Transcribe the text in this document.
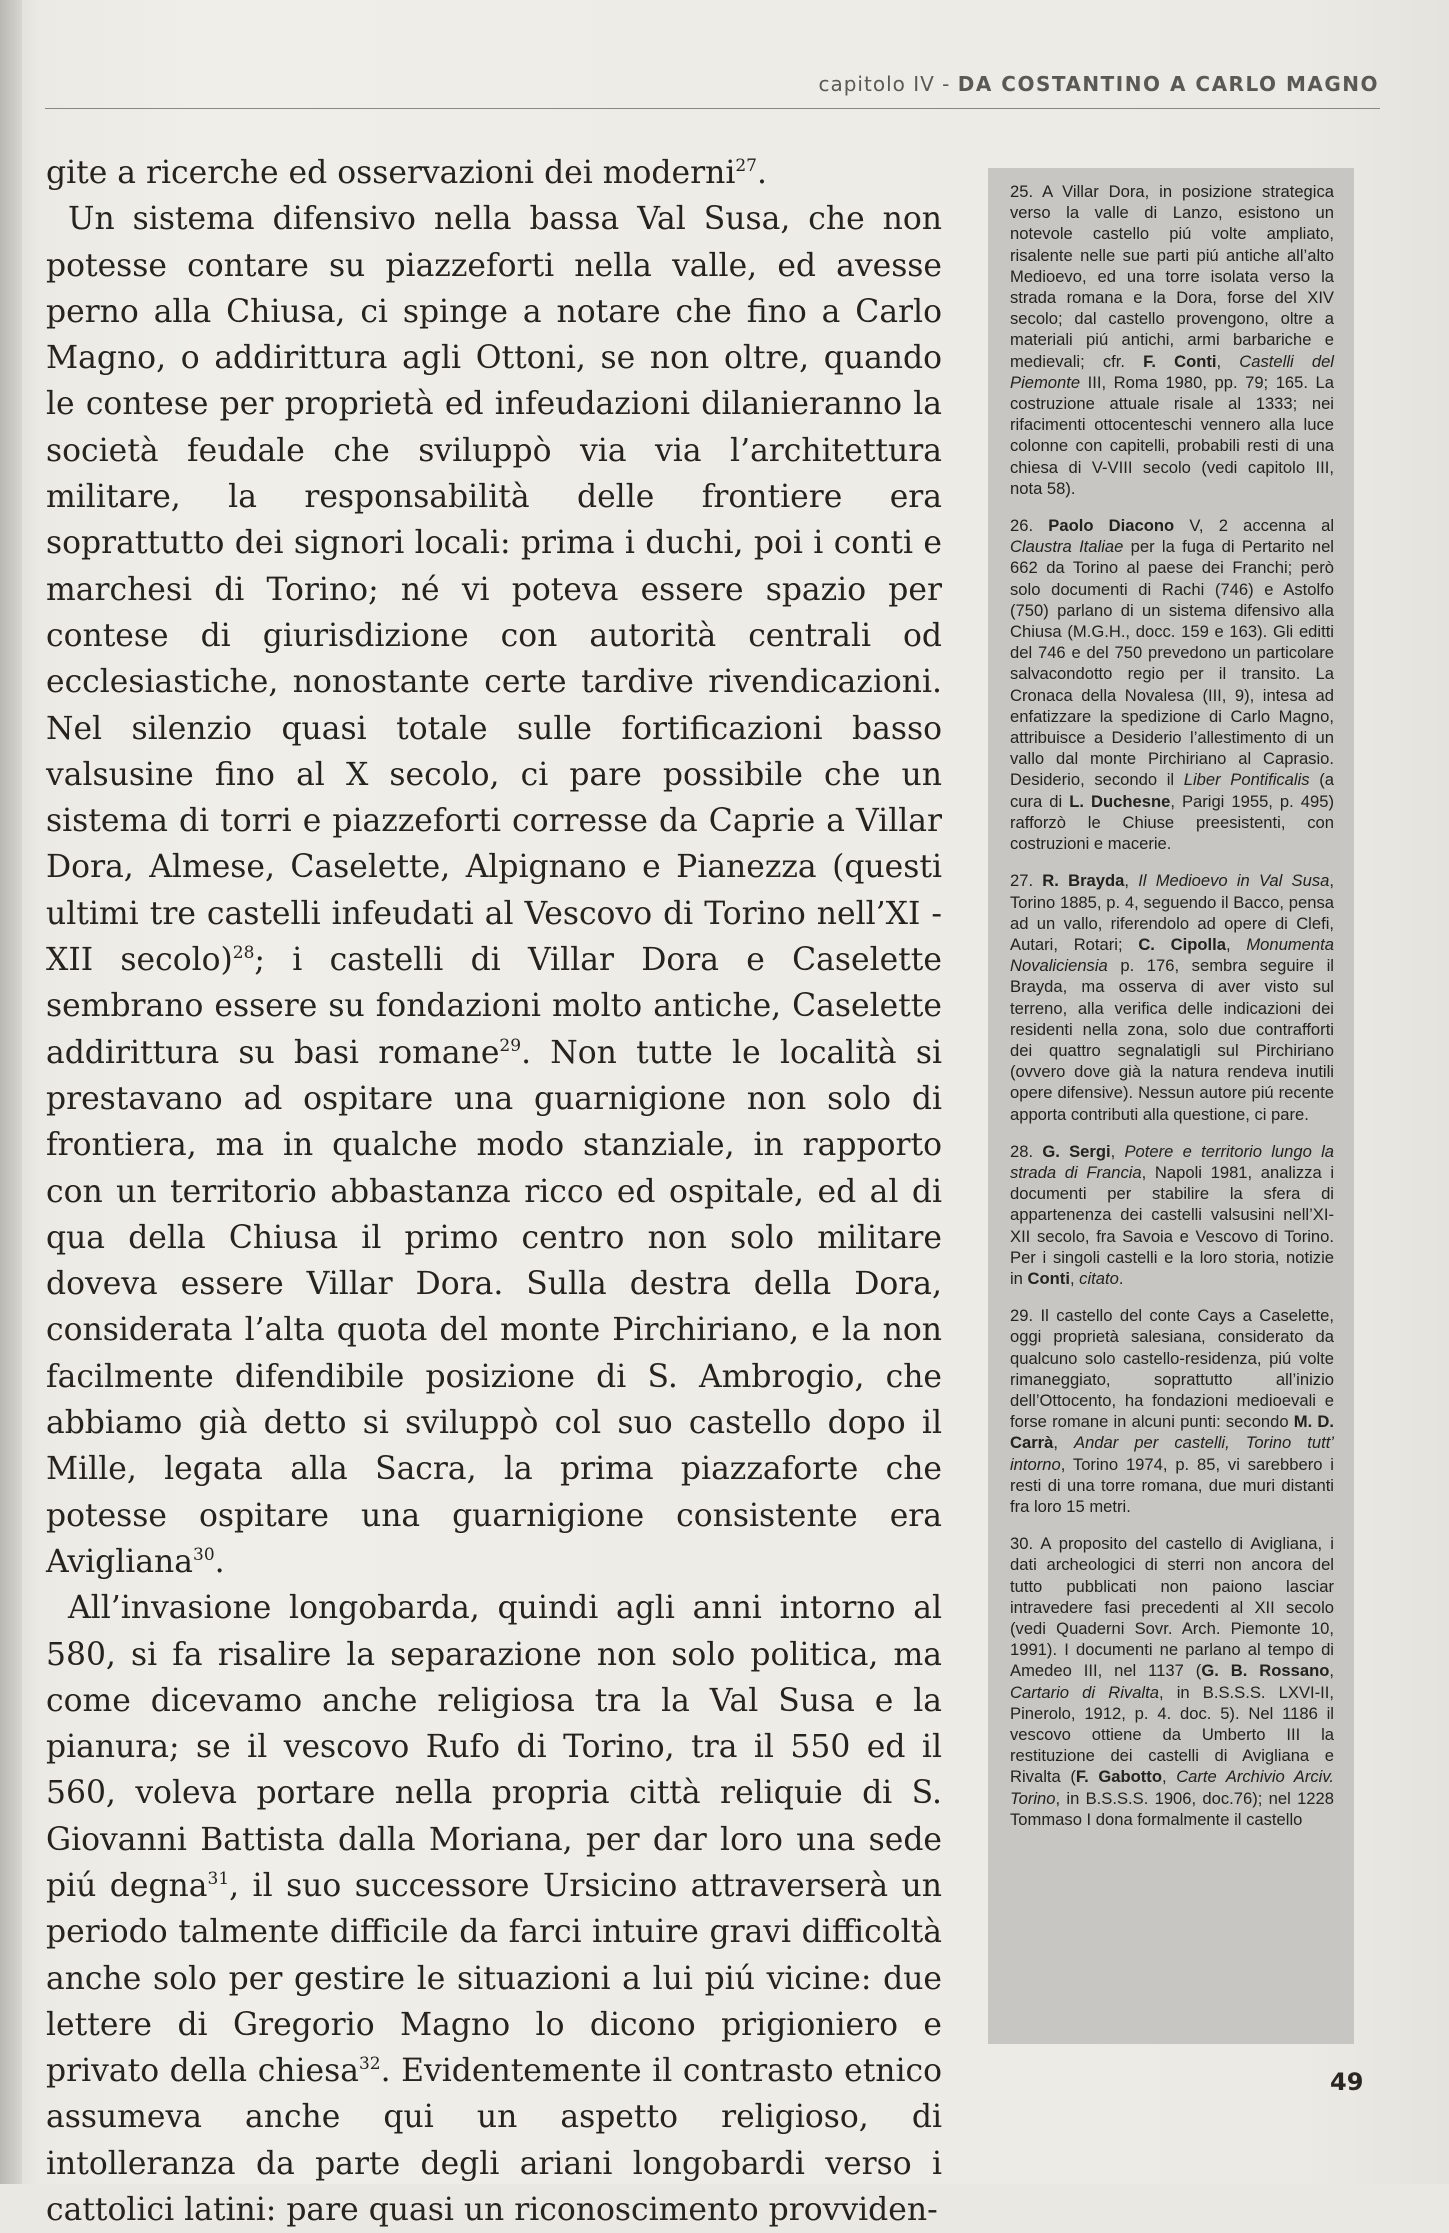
capitolo IV - DA COSTANTINO A CARLO MAGNO

gite a ricerche ed osservazioni dei moderni$^{27}$.

Un sistema difensivo nella bassa Val Susa, che non potesse contare su piazzeforti nella valle, ed avesse perno alla Chiusa, ci spinge a notare che fino a Carlo Magno, o addirittura agli Ottoni, se non oltre, quando le contese per proprietà ed infeudazioni dilanieranno la società feudale che sviluppò via via l’architettura militare, la responsabilità delle frontiere era soprattutto dei signori locali: prima i duchi, poi i conti e marchesi di Torino; né vi poteva essere spazio per contese di giurisdizione con autorità centrali od ecclesiastiche, nonostante certe tardive rivendicazioni. Nel silenzio quasi totale sulle fortificazioni basso valsusine fino al X secolo, ci pare possibile che un sistema di torri e piazzeforti corresse da Caprie a Villar Dora, Almese, Caselette, Alpignano e Pianezza (questi ultimi tre castelli infeudati al Vescovo di Torino nell’XI - XII secolo)$^{28}$; i castelli di Villar Dora e Caselette sembrano essere su fondazioni molto antiche, Caselette addirittura su basi romane$^{29}$. Non tutte le località si prestavano ad ospitare una guarnigione non solo di frontiera, ma in qualche modo stanziale, in rapporto con un territorio abbastanza ricco ed ospitale, ed al di qua della Chiusa il primo centro non solo militare doveva essere Villar Dora. Sulla destra della Dora, considerata l’alta quota del monte Pirchiriano, e la non facilmente difendibile posizione di S. Ambrogio, che abbiamo già detto si sviluppò col suo castello dopo il Mille, legata alla Sacra, la prima piazzaforte che potesse ospitare una guarnigione consistente era Avigliana$^{30}$.

All’invasione longobarda, quindi agli anni intorno al 580, si fa risalire la separazione non solo politica, ma come dicevamo anche religiosa tra la Val Susa e la pianura; se il vescovo Rufo di Torino, tra il 550 ed il 560, voleva portare nella propria città reliquie di S. Giovanni Battista dalla Moriana, per dar loro una sede piú degna$^{31}$, il suo successore Ursicino attraverserà un periodo talmente difficile da farci intuire gravi difficoltà anche solo per gestire le situazioni a lui piú vicine: due lettere di Gregorio Magno lo dicono prigioniero e privato della chiesa$^{32}$. Evidentemente il contrasto etnico assumeva anche qui un aspetto religioso, di intolleranza da parte degli ariani longobardi verso i cattolici latini: pare quasi un riconoscimento provviden-

25. A Villar Dora, in posizione strategica verso la valle di Lanzo, esistono un notevole castello piú volte ampliato, risalente nelle sue parti piú antiche all’alto Medioevo, ed una torre isolata verso la strada romana e la Dora, forse del XIV secolo; dal castello provengono, oltre a materiali piú antichi, armi barbariche e medievali; cfr. F. Conti, Castelli del Piemonte III, Roma 1980, pp. 79; 165. La costruzione attuale risale al 1333; nei rifacimenti ottocenteschi vennero alla luce colonne con capitelli, probabili resti di una chiesa di V-VIII secolo (vedi capitolo III, nota 58).

26. Paolo Diacono V, 2 accenna al Claustra Italiae per la fuga di Pertarito nel 662 da Torino al paese dei Franchi; però solo documenti di Rachi (746) e Astolfo (750) parlano di un sistema difensivo alla Chiusa (M.G.H., docc. 159 e 163). Gli editti del 746 e del 750 prevedono un particolare salvacondotto regio per il transito. La Cronaca della Novalesa (III, 9), intesa ad enfatizzare la spedizione di Carlo Magno, attribuisce a Desiderio l’allestimento di un vallo dal monte Pirchiriano al Caprasio. Desiderio, secondo il Liber Pontificalis (a cura di L. Duchesne, Parigi 1955, p. 495) rafforzò le Chiuse preesistenti, con costruzioni e macerie.

27. R. Brayda, Il Medioevo in Val Susa, Torino 1885, p. 4, seguendo il Bacco, pensa ad un vallo, riferendolo ad opere di Clefi, Autari, Rotari; C. Cipolla, Monumenta Novaliciensia p. 176, sembra seguire il Brayda, ma osserva di aver visto sul terreno, alla verifica delle indicazioni dei residenti nella zona, solo due contrafforti dei quattro segnalatigli sul Pirchiriano (ovvero dove già la natura rendeva inutili opere difensive). Nessun autore piú recente apporta contributi alla questione, ci pare.

28. G. Sergi, Potere e territorio lungo la strada di Francia, Napoli 1981, analizza i documenti per stabilire la sfera di appartenenza dei castelli valsusini nell’XI-XII secolo, fra Savoia e Vescovo di Torino. Per i singoli castelli e la loro storia, notizie in Conti, citato.

29. Il castello del conte Cays a Caselette, oggi proprietà salesiana, considerato da qualcuno solo castello-residenza, piú volte rimaneggiato, soprattutto all’inizio dell’Ottocento, ha fondazioni medioevali e forse romane in alcuni punti: secondo M. D. Carrà, Andar per castelli, Torino tutt’ intorno, Torino 1974, p. 85, vi sarebbero i resti di una torre romana, due muri distanti fra loro 15 metri.

30. A proposito del castello di Avigliana, i dati archeologici di sterri non ancora del tutto pubblicati non paiono lasciar intravedere fasi precedenti al XII secolo (vedi Quaderni Sovr. Arch. Piemonte 10, 1991). I documenti ne parlano al tempo di Amedeo III, nel 1137 (G. B. Rossano, Cartario di Rivalta, in B.S.S.S. LXVI-II, Pinerolo, 1912, p. 4. doc. 5). Nel 1186 il vescovo ottiene da Umberto III la restituzione dei castelli di Avigliana e Rivalta (F. Gabotto, Carte Archivio Arciv. Torino, in B.S.S.S. 1906, doc.76); nel 1228 Tommaso I dona formalmente il castello

49
